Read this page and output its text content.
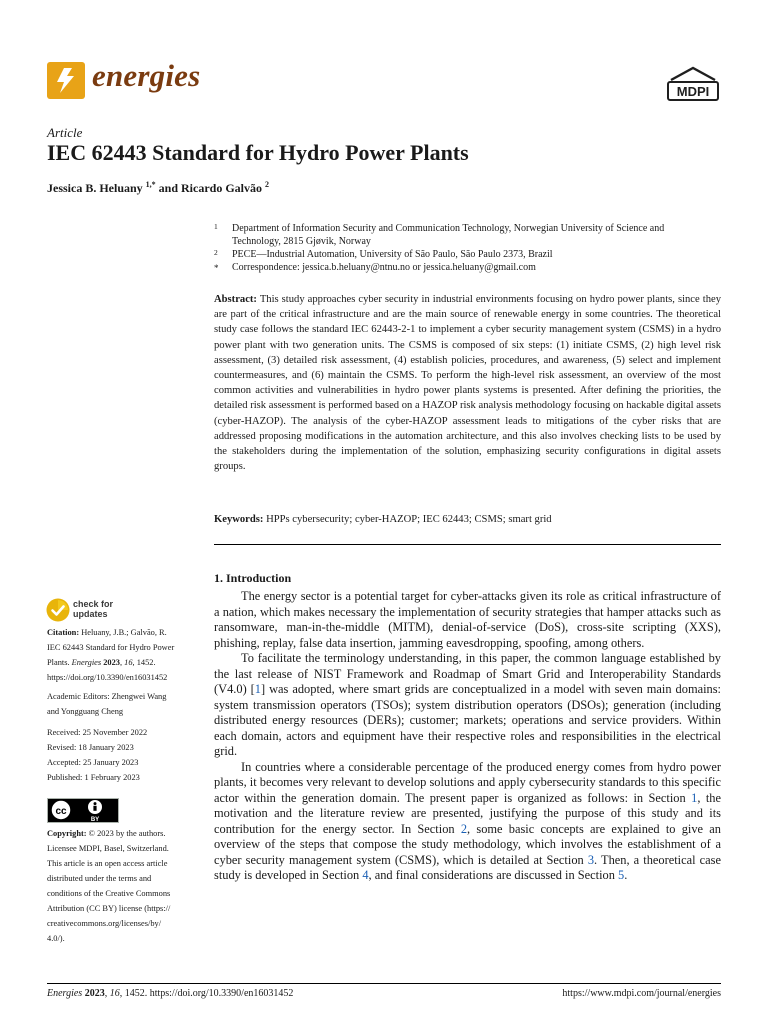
energies	MDPI
Article
IEC 62443 Standard for Hydro Power Plants
Jessica B. Heluany $^{1,*}$ and Ricardo Galvão $^2$
1	Department of Information Security and Communication Technology, Norwegian University of Science and Technology, 2815 Gjøvik, Norway
2	PECE—Industrial Automation, University of São Paulo, São Paulo 2373, Brazil
*	Correspondence: jessica.b.heluany@ntnu.no or jessica.heluany@gmail.com
Abstract: This study approaches cyber security in industrial environments focusing on hydro power plants, since they are part of the critical infrastructure and are the main source of renewable energy in some countries. The theoretical study case follows the standard IEC 62443-2-1 to implement a cyber security management system (CSMS) in a hydro power plant with two generation units. The CSMS is composed of six steps: (1) initiate CSMS, (2) high level risk assessment, (3) detailed risk assessment, (4) establish policies, procedures, and awareness, (5) select and implement countermeasures, and (6) maintain the CSMS. To perform the high-level risk assessment, an overview of the most common activities and vulnerabilities in hydro power plants systems is presented. After defining the priorities, the detailed risk assessment is performed based on a HAZOP risk analysis methodology focusing on hackable digital assets (cyber-HAZOP). The analysis of the cyber-HAZOP assessment leads to mitigations of the cyber risks that are addressed proposing modifications in the automation architecture, and this also involves checking lists to be used by the stakeholders during the implementation of the solution, emphasizing security configurations in digital assets groups.
Keywords: HPPs cybersecurity; cyber-HAZOP; IEC 62443; CSMS; smart grid
1. Introduction

The energy sector is a potential target for cyber-attacks given its role as critical infrastructure of a nation, which makes necessary the implementation of security strategies that hamper attacks such as ransomware, man-in-the-middle (MITM), denial-of-service (DoS), cross-site scripting (XXS), phishing, replay, false data insertion, jamming eavesdropping, spoofing, among others.

To facilitate the terminology understanding, in this paper, the common language established by the last release of NIST Framework and Roadmap of Smart Grid and Interoperability Standards (V4.0) [1] was adopted, where smart grids are conceptualized in a model with seven main domains: system transmission operators (TSOs); system distribution operators (DSOs); generation (including distributed energy resources (DERs); customer; markets; operations and service providers. Within each domain, actors and equipment have their respective roles and responsibilities in the electrical grid.

In countries where a considerable percentage of the produced energy comes from hydro power plants, it becomes very relevant to develop solutions and apply cybersecurity standards to this specific actor within the generation domain. The present paper is organized as follows: in Section 1, the motivation and the literature review are presented, justifying the purpose of this study and its contribution for the energy sector. In Section 2, some basic concepts are explained to give an overview of the steps that compose the study methodology, which involves the establishment of a cyber security management system (CSMS), which is detailed at Section 3. Then, a theoretical case study is developed in Section 4, and final considerations are discussed in Section 5.

check for
updates
Citation: Heluany, J.B.; Galvão, R.
IEC 62443 Standard for Hydro Power
Plants. Energies 2023, 16, 1452.
https://doi.org/10.3390/en16031452
Academic Editors: Zhengwei Wang
and Yongguang Cheng
Received: 25 November 2022
Revised: 18 January 2023
Accepted: 25 January 2023
Published: 1 February 2023
cc
BY
Copyright: © 2023 by the authors.
Licensee MDPI, Basel, Switzerland.
This article is an open access article
distributed under the terms and
conditions of the Creative Commons
Attribution (CC BY) license (https://
creativecommons.org/licenses/by/
4.0/).
Energies 2023, 16, 1452. https://doi.org/10.3390/en16031452	https://www.mdpi.com/journal/energies
